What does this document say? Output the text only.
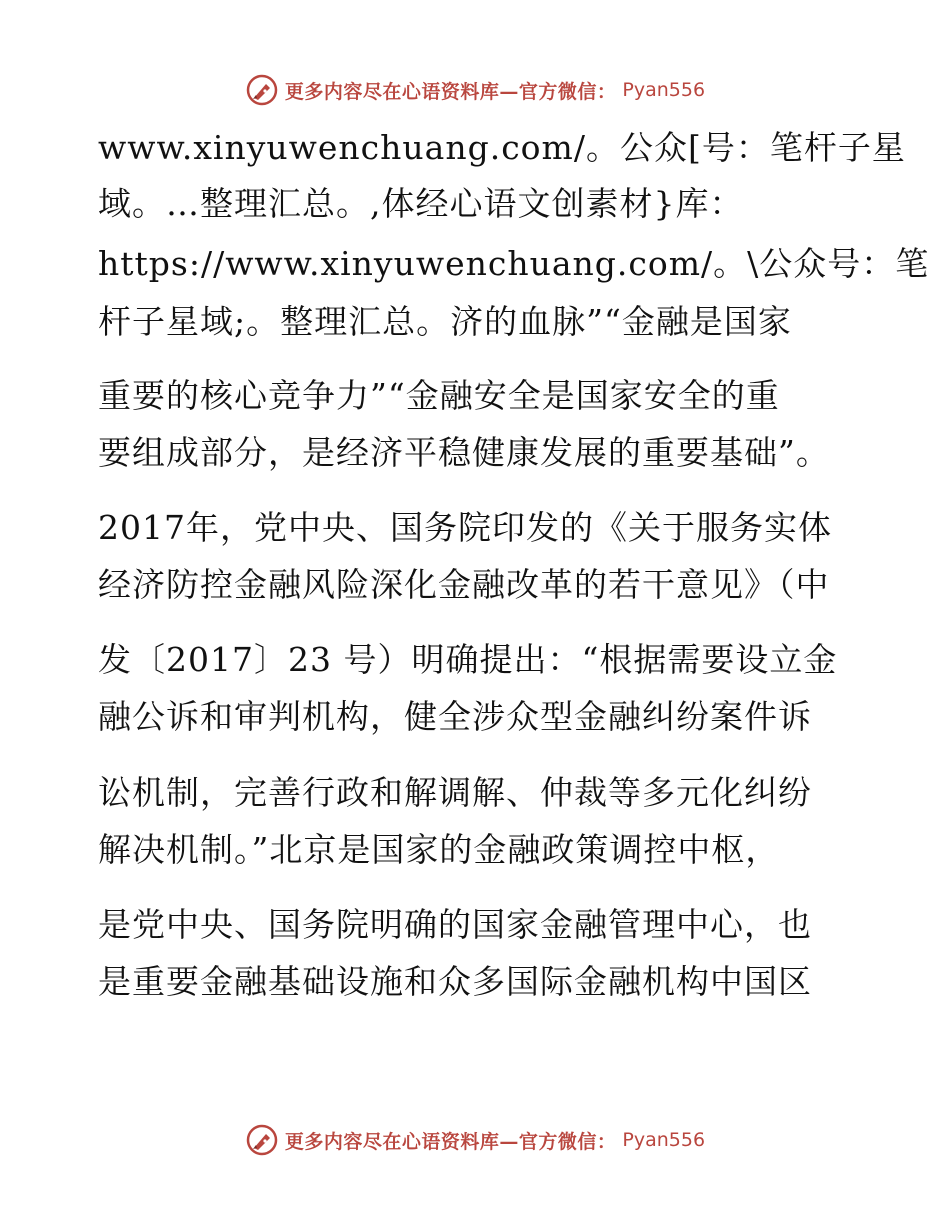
更多内容尽在心语资料库—官方微信： Pyan556
www.xinyuwenchuang.com/。公众[号：笔杆子星
域。…整理汇总。,体经心语文创素材}库：
https://www.xinyuwenchuang.com/。\公众号：笔
杆子星域;。整理汇总。济的血脉”“金融是国家
重要的核心竞争力”“金融安全是国家安全的重
要组成部分，是经济平稳健康发展的重要基础”。
2017年，党中央、国务院印发的《关于服务实体
经济防控金融风险深化金融改革的若干意见》（中
发〔2017〕23 号）明确提出：“根据需要设立金
融公诉和审判机构，健全涉众型金融纠纷案件诉
讼机制，完善行政和解调解、仲裁等多元化纠纷
解决机制。”北京是国家的金融政策调控中枢，
是党中央、国务院明确的国家金融管理中心，也
是重要金融基础设施和众多国际金融机构中国区
更多内容尽在心语资料库—官方微信： Pyan556
